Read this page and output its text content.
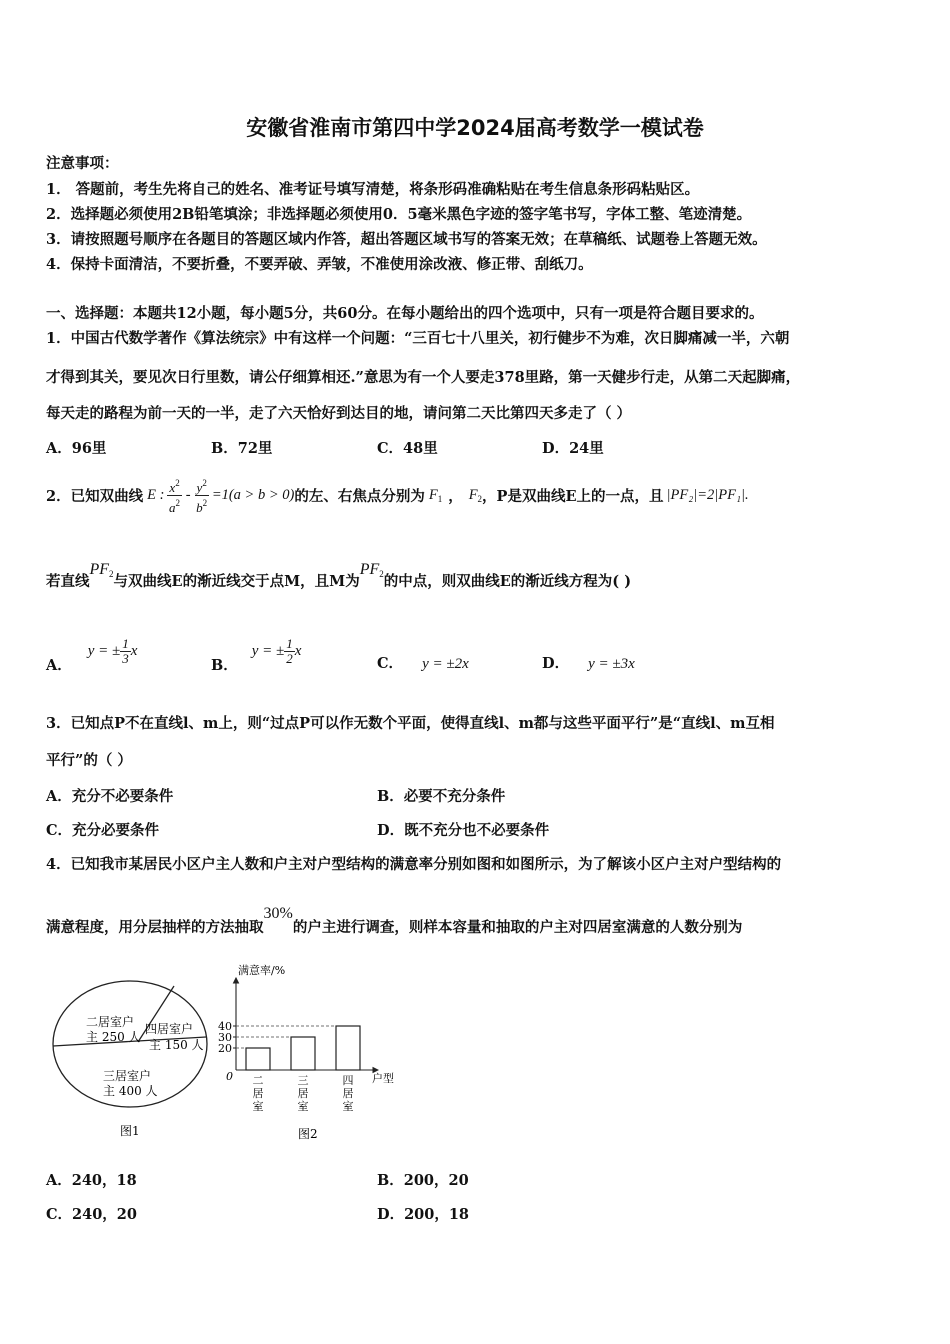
安徽省淮南市第四中学2024届高考数学一模试卷
注意事项：
1． 答题前，考生先将自己的姓名、准考证号填写清楚，将条形码准确粘贴在考生信息条形码粘贴区。
2．选择题必须使用2B铅笔填涂；非选择题必须使用0．5毫米黑色字迹的签字笔书写，字体工整、笔迹清楚。
3．请按照题号顺序在各题目的答题区域内作答，超出答题区域书写的答案无效；在草稿纸、试题卷上答题无效。
4．保持卡面清洁，不要折叠，不要弄破、弄皱，不准使用涂改液、修正带、刮纸刀。
一、选择题：本题共12小题，每小题5分，共60分。在每小题给出的四个选项中，只有一项是符合题目要求的。
1．中国古代数学著作《算法统宗》中有这样一个问题：“三百七十八里关，初行健步不为难，次日脚痛减一半，六朝
才得到其关，要见次日行里数，请公仔细算相还.”意思为有一个人要走378里路，第一天健步行走，从第二天起脚痛，
每天走的路程为前一天的一半，走了六天恰好到达目的地，请问第二天比第四天多走了（ ）
A．96里	B．72里	C．48里	D．24里
2．已知双曲线 E : $\frac{x^2}{a^2} - \frac{y^2}{b^2} =1(a > b > 0)$ 的左、右焦点分别为 $F_1$ ， $F_2$ ，P是双曲线E上的一点，且 |PF₂|=2|PF₁|.
若直线
$PF_2$ 与双曲线E的渐近线交于点M，且M为
$PF_2$ 的中点，则双曲线E的渐近线方程为( )
A．
y = ± $\frac{1}{3}$ x
B．
y = ± $\frac{1}{2}$ x
C． y = ±2x	D． y = ±3x
3．已知点P不在直线l、m上，则“过点P可以作无数个平面，使得直线l、m都与这些平面平行”是“直线l、m互相
平行”的（ ）
A．充分不必要条件	B．必要不充分条件
C．充分必要条件	D．既不充分也不必要条件
4．已知我市某居民小区户主人数和户主对户型结构的满意率分别如图和如图所示，为了解该小区户主对户型结构的
满意程度，用分层抽样的方法抽取
30%
的户主进行调查，则样本容量和抽取的户主对四居室满意的人数分别为
二居室户
主 250 人
四居室户
主 150 人
三居室户
主 400 人
图1
满意率/%
0	户型
20
30
40
二居室
三居室
四居室
图2
A．240，18	B．200，20
C．240，20	D．200，18
